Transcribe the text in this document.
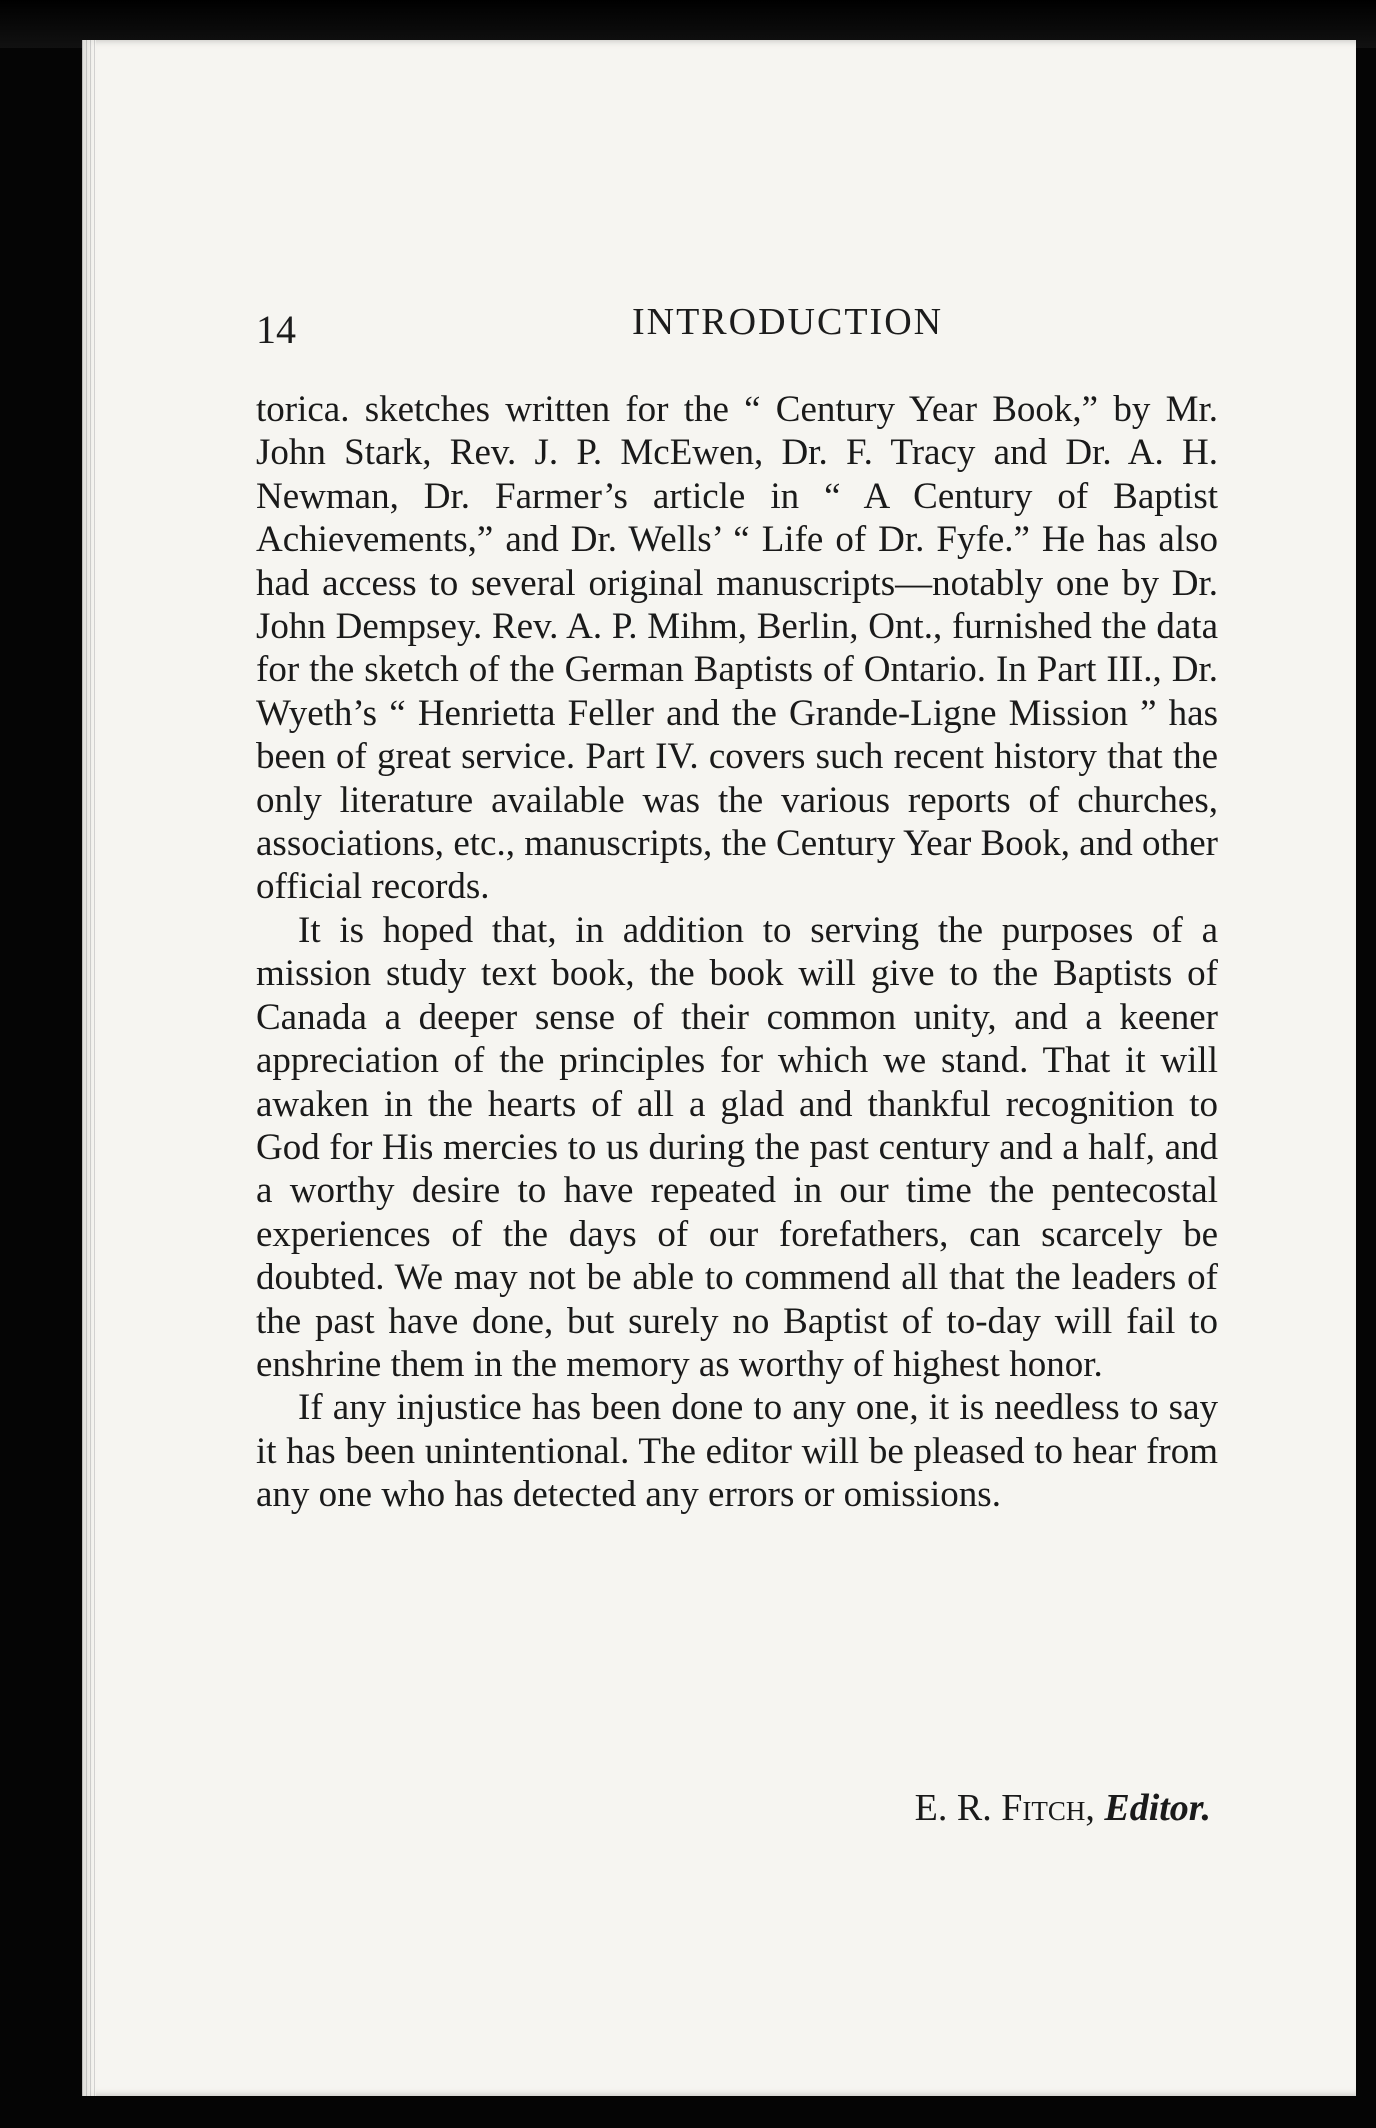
14	INTRODUCTION

torica. sketches written for the “ Century Year Book,” by Mr. John Stark, Rev. J. P. McEwen, Dr. F. Tracy and Dr. A. H. Newman, Dr. Farmer’s article in “ A Century of Baptist Achievements,” and Dr. Wells’ “ Life of Dr. Fyfe.” He has also had access to several original manuscripts—notably one by Dr. John Dempsey. Rev. A. P. Mihm, Berlin, Ont., furnished the data for the sketch of the German Baptists of Ontario. In Part III., Dr. Wyeth’s “ Henrietta Feller and the Grande-Ligne Mission ” has been of great service. Part IV. covers such recent history that the only literature available was the various reports of churches, associations, etc., manuscripts, the Century Year Book, and other official records.

It is hoped that, in addition to serving the purposes of a mission study text book, the book will give to the Baptists of Canada a deeper sense of their common unity, and a keener appreciation of the principles for which we stand. That it will awaken in the hearts of all a glad and thankful recognition to God for His mercies to us during the past century and a half, and a worthy desire to have repeated in our time the pentecostal experiences of the days of our forefathers, can scarcely be doubted. We may not be able to commend all that the leaders of the past have done, but surely no Baptist of to-day will fail to enshrine them in the memory as worthy of highest honor.

If any injustice has been done to any one, it is needless to say it has been unintentional. The editor will be pleased to hear from any one who has detected any errors or omissions.

E. R. Fitch, Editor.
